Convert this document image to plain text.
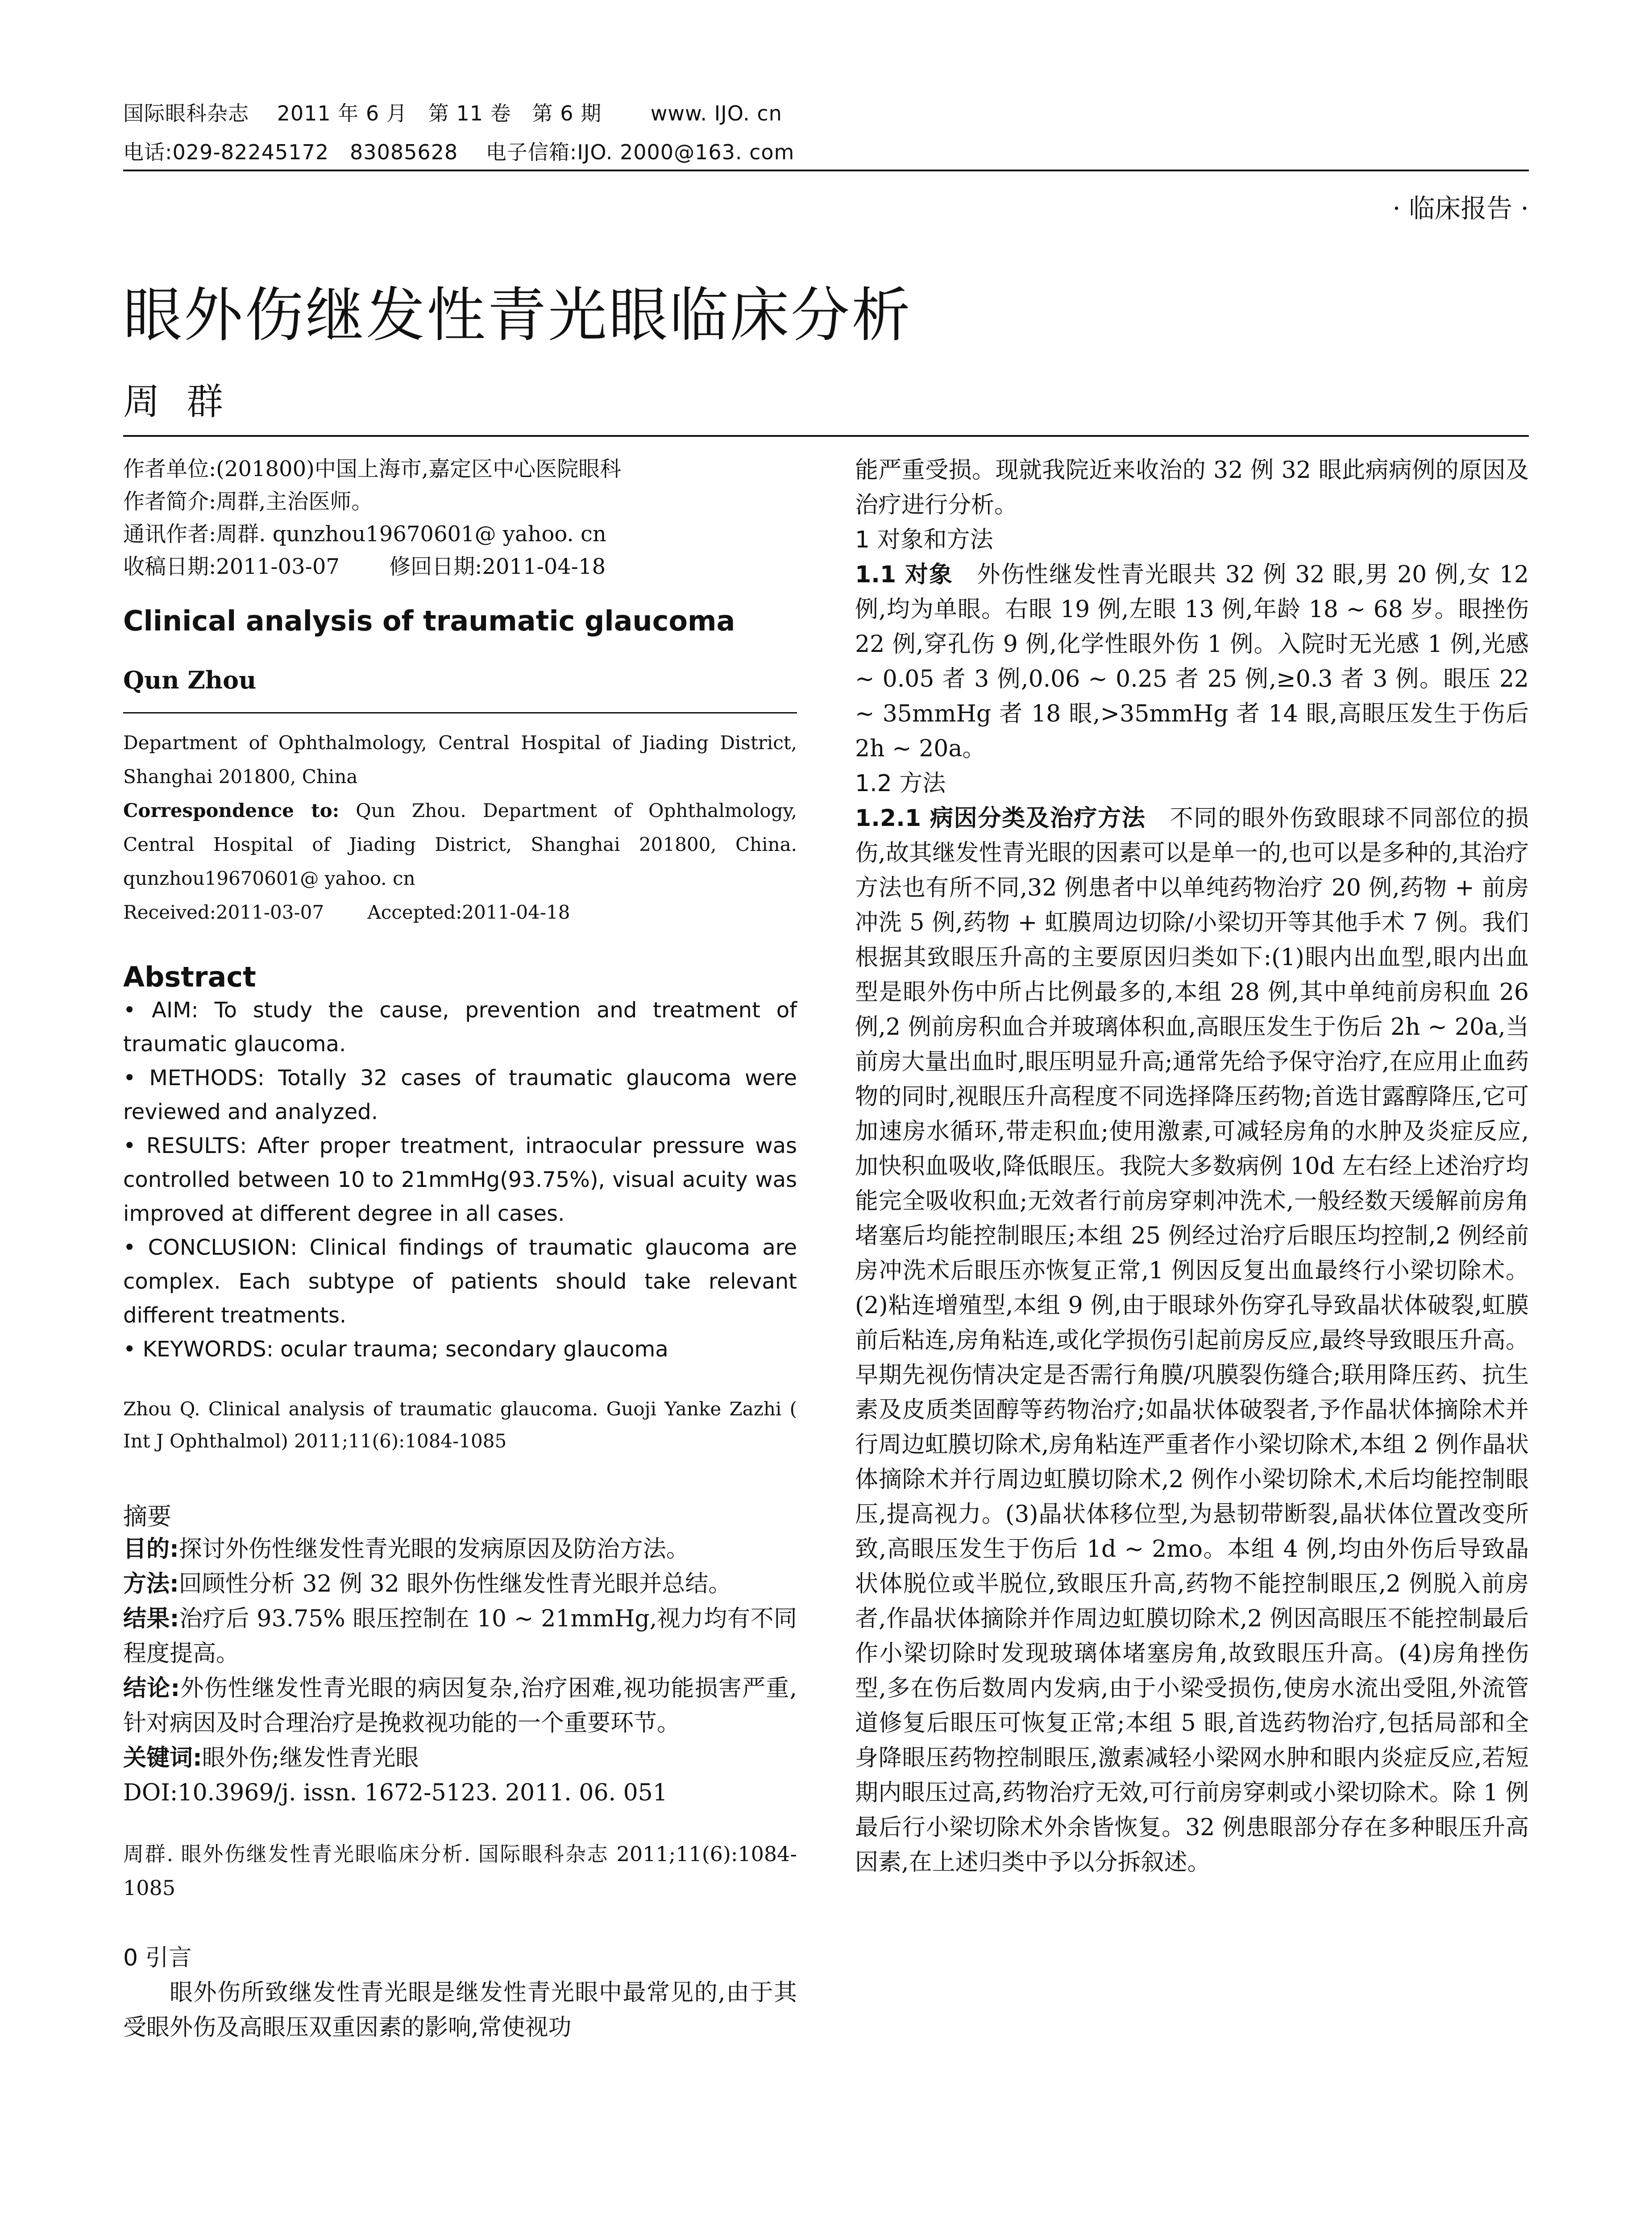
国际眼科杂志　 2011 年 6 月　第 11 卷　第 6 期　　 www. IJO. cn
电话:029-82245172　83085628　 电子信箱:IJO. 2000@163. com
· 临床报告 ·
眼外伤继发性青光眼临床分析
周群
作者单位:(201800)中国上海市,嘉定区中心医院眼科
作者简介:周群,主治医师。
通讯作者:周群. qunzhou19670601@ yahoo. cn
收稿日期:2011-03-07　　 修回日期:2011-04-18
Clinical analysis of traumatic glaucoma
Qun Zhou
Department of Ophthalmology, Central Hospital of Jiading District, Shanghai 201800, China
Correspondence to: Qun Zhou. Department of Ophthalmology, Central Hospital of Jiading District, Shanghai 201800, China. qunzhou19670601@ yahoo. cn
Received:2011-03-07　　 Accepted:2011-04-18
Abstract
• AIM: To study the cause, prevention and treatment of traumatic glaucoma.
• METHODS: Totally 32 cases of traumatic glaucoma were reviewed and analyzed.
• RESULTS: After proper treatment, intraocular pressure was controlled between 10 to 21mmHg(93.75%), visual acuity was improved at different degree in all cases.
• CONCLUSION: Clinical findings of traumatic glaucoma are complex. Each subtype of patients should take relevant different treatments.
• KEYWORDS: ocular trauma; secondary glaucoma
Zhou Q. Clinical analysis of traumatic glaucoma. Guoji Yanke Zazhi ( Int J Ophthalmol) 2011;11(6):1084-1085
摘要
目的:探讨外伤性继发性青光眼的发病原因及防治方法。
方法:回顾性分析 32 例 32 眼外伤性继发性青光眼并总结。
结果:治疗后 93.75% 眼压控制在 10 ~ 21mmHg,视力均有不同程度提高。
结论:外伤性继发性青光眼的病因复杂,治疗困难,视功能损害严重,针对病因及时合理治疗是挽救视功能的一个重要环节。
关键词:眼外伤;继发性青光眼
DOI:10.3969/j. issn. 1672-5123. 2011. 06. 051
周群. 眼外伤继发性青光眼临床分析. 国际眼科杂志 2011;11(6):1084-1085
0 引言
眼外伤所致继发性青光眼是继发性青光眼中最常见的,由于其受眼外伤及高眼压双重因素的影响,常使视功
能严重受损。现就我院近来收治的 32 例 32 眼此病病例的原因及治疗进行分析。
1 对象和方法
1.1 对象　外伤性继发性青光眼共 32 例 32 眼,男 20 例,女 12 例,均为单眼。右眼 19 例,左眼 13 例,年龄 18 ~ 68 岁。眼挫伤 22 例,穿孔伤 9 例,化学性眼外伤 1 例。入院时无光感 1 例,光感 ~ 0.05 者 3 例,0.06 ~ 0.25 者 25 例,≥0.3 者 3 例。眼压 22 ~ 35mmHg 者 18 眼,>35mmHg 者 14 眼,高眼压发生于伤后 2h ~ 20a。
1.2 方法
1.2.1 病因分类及治疗方法　不同的眼外伤致眼球不同部位的损伤,故其继发性青光眼的因素可以是单一的,也可以是多种的,其治疗方法也有所不同,32 例患者中以单纯药物治疗 20 例,药物 + 前房冲洗 5 例,药物 + 虹膜周边切除/小梁切开等其他手术 7 例。我们根据其致眼压升高的主要原因归类如下:(1)眼内出血型,眼内出血型是眼外伤中所占比例最多的,本组 28 例,其中单纯前房积血 26 例,2 例前房积血合并玻璃体积血,高眼压发生于伤后 2h ~ 20a,当前房大量出血时,眼压明显升高;通常先给予保守治疗,在应用止血药物的同时,视眼压升高程度不同选择降压药物;首选甘露醇降压,它可加速房水循环,带走积血;使用激素,可减轻房角的水肿及炎症反应,加快积血吸收,降低眼压。我院大多数病例 10d 左右经上述治疗均能完全吸收积血;无效者行前房穿刺冲洗术,一般经数天缓解前房角堵塞后均能控制眼压;本组 25 例经过治疗后眼压均控制,2 例经前房冲洗术后眼压亦恢复正常,1 例因反复出血最终行小梁切除术。(2)粘连增殖型,本组 9 例,由于眼球外伤穿孔导致晶状体破裂,虹膜前后粘连,房角粘连,或化学损伤引起前房反应,最终导致眼压升高。早期先视伤情决定是否需行角膜/巩膜裂伤缝合;联用降压药、抗生素及皮质类固醇等药物治疗;如晶状体破裂者,予作晶状体摘除术并行周边虹膜切除术,房角粘连严重者作小梁切除术,本组 2 例作晶状体摘除术并行周边虹膜切除术,2 例作小梁切除术,术后均能控制眼压,提高视力。(3)晶状体移位型,为悬韧带断裂,晶状体位置改变所致,高眼压发生于伤后 1d ~ 2mo。本组 4 例,均由外伤后导致晶状体脱位或半脱位,致眼压升高,药物不能控制眼压,2 例脱入前房者,作晶状体摘除并作周边虹膜切除术,2 例因高眼压不能控制最后作小梁切除时发现玻璃体堵塞房角,故致眼压升高。(4)房角挫伤型,多在伤后数周内发病,由于小梁受损伤,使房水流出受阻,外流管道修复后眼压可恢复正常;本组 5 眼,首选药物治疗,包括局部和全身降眼压药物控制眼压,激素减轻小梁网水肿和眼内炎症反应,若短期内眼压过高,药物治疗无效,可行前房穿刺或小梁切除术。除 1 例最后行小梁切除术外余皆恢复。32 例患眼部分存在多种眼压升高因素,在上述归类中予以分拆叙述。
